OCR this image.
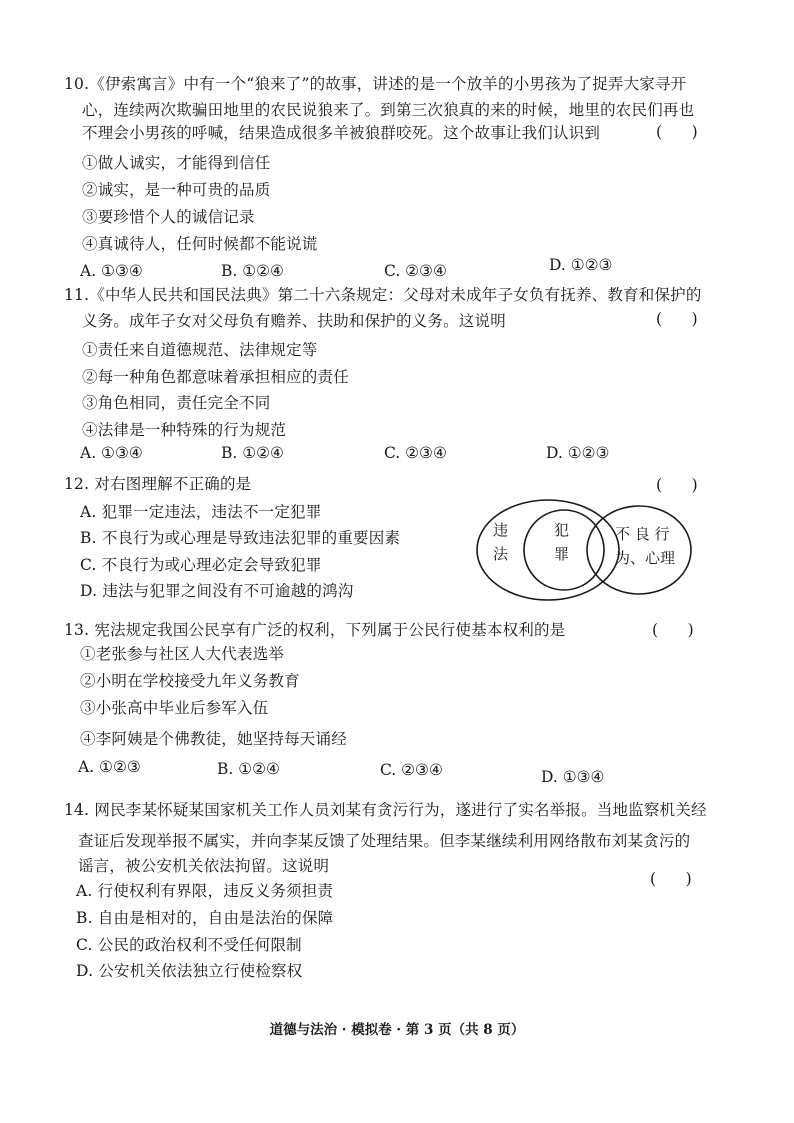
10.《伊索寓言》中有一个“狼来了”的故事，讲述的是一个放羊的小男孩为了捉弄大家寻开
心，连续两次欺骗田地里的农民说狼来了。到第三次狼真的来的时候，地里的农民们再也
不理会小男孩的呼喊，结果造成很多羊被狼群咬死。这个故事让我们认识到	(      )
①做人诚实，才能得到信任
②诚实，是一种可贵的品质
③要珍惜个人的诚信记录
④真诚待人，任何时候都不能说谎
A. ①③④	B. ①②④	C. ②③④	D. ①②③
11.《中华人民共和国民法典》第二十六条规定：父母对未成年子女负有抚养、教育和保护的
义务。成年子女对父母负有赡养、扶助和保护的义务。这说明	(      )
①责任来自道德规范、法律规定等
②每一种角色都意味着承担相应的责任
③角色相同，责任完全不同
④法律是一种特殊的行为规范
A. ①③④	B. ①②④	C. ②③④	D. ①②③
12. 对右图理解不正确的是	(      )
A. 犯罪一定违法，违法不一定犯罪
B. 不良行为或心理是导致违法犯罪的重要因素
C. 不良行为或心理必定会导致犯罪
D. 违法与犯罪之间没有不可逾越的鸿沟
违
法
犯
罪
不 良 行
为、心理
13. 宪法规定我国公民享有广泛的权利，下列属于公民行使基本权利的是	(      )
①老张参与社区人大代表选举
②小明在学校接受九年义务教育
③小张高中毕业后参军入伍
④李阿姨是个佛教徒，她坚持每天诵经
A. ①②③	B. ①②④	C. ②③④	D. ①③④
14. 网民李某怀疑某国家机关工作人员刘某有贪污行为，遂进行了实名举报。当地监察机关经
查证后发现举报不属实，并向李某反馈了处理结果。但李某继续利用网络散布刘某贪污的
谣言，被公安机关依法拘留。这说明
(      )
A. 行使权利有界限，违反义务须担责
B. 自由是相对的，自由是法治的保障
C. 公民的政治权利不受任何限制
D. 公安机关依法独立行使检察权
道德与法治 · 模拟卷 · 第 3 页（共 8 页）
